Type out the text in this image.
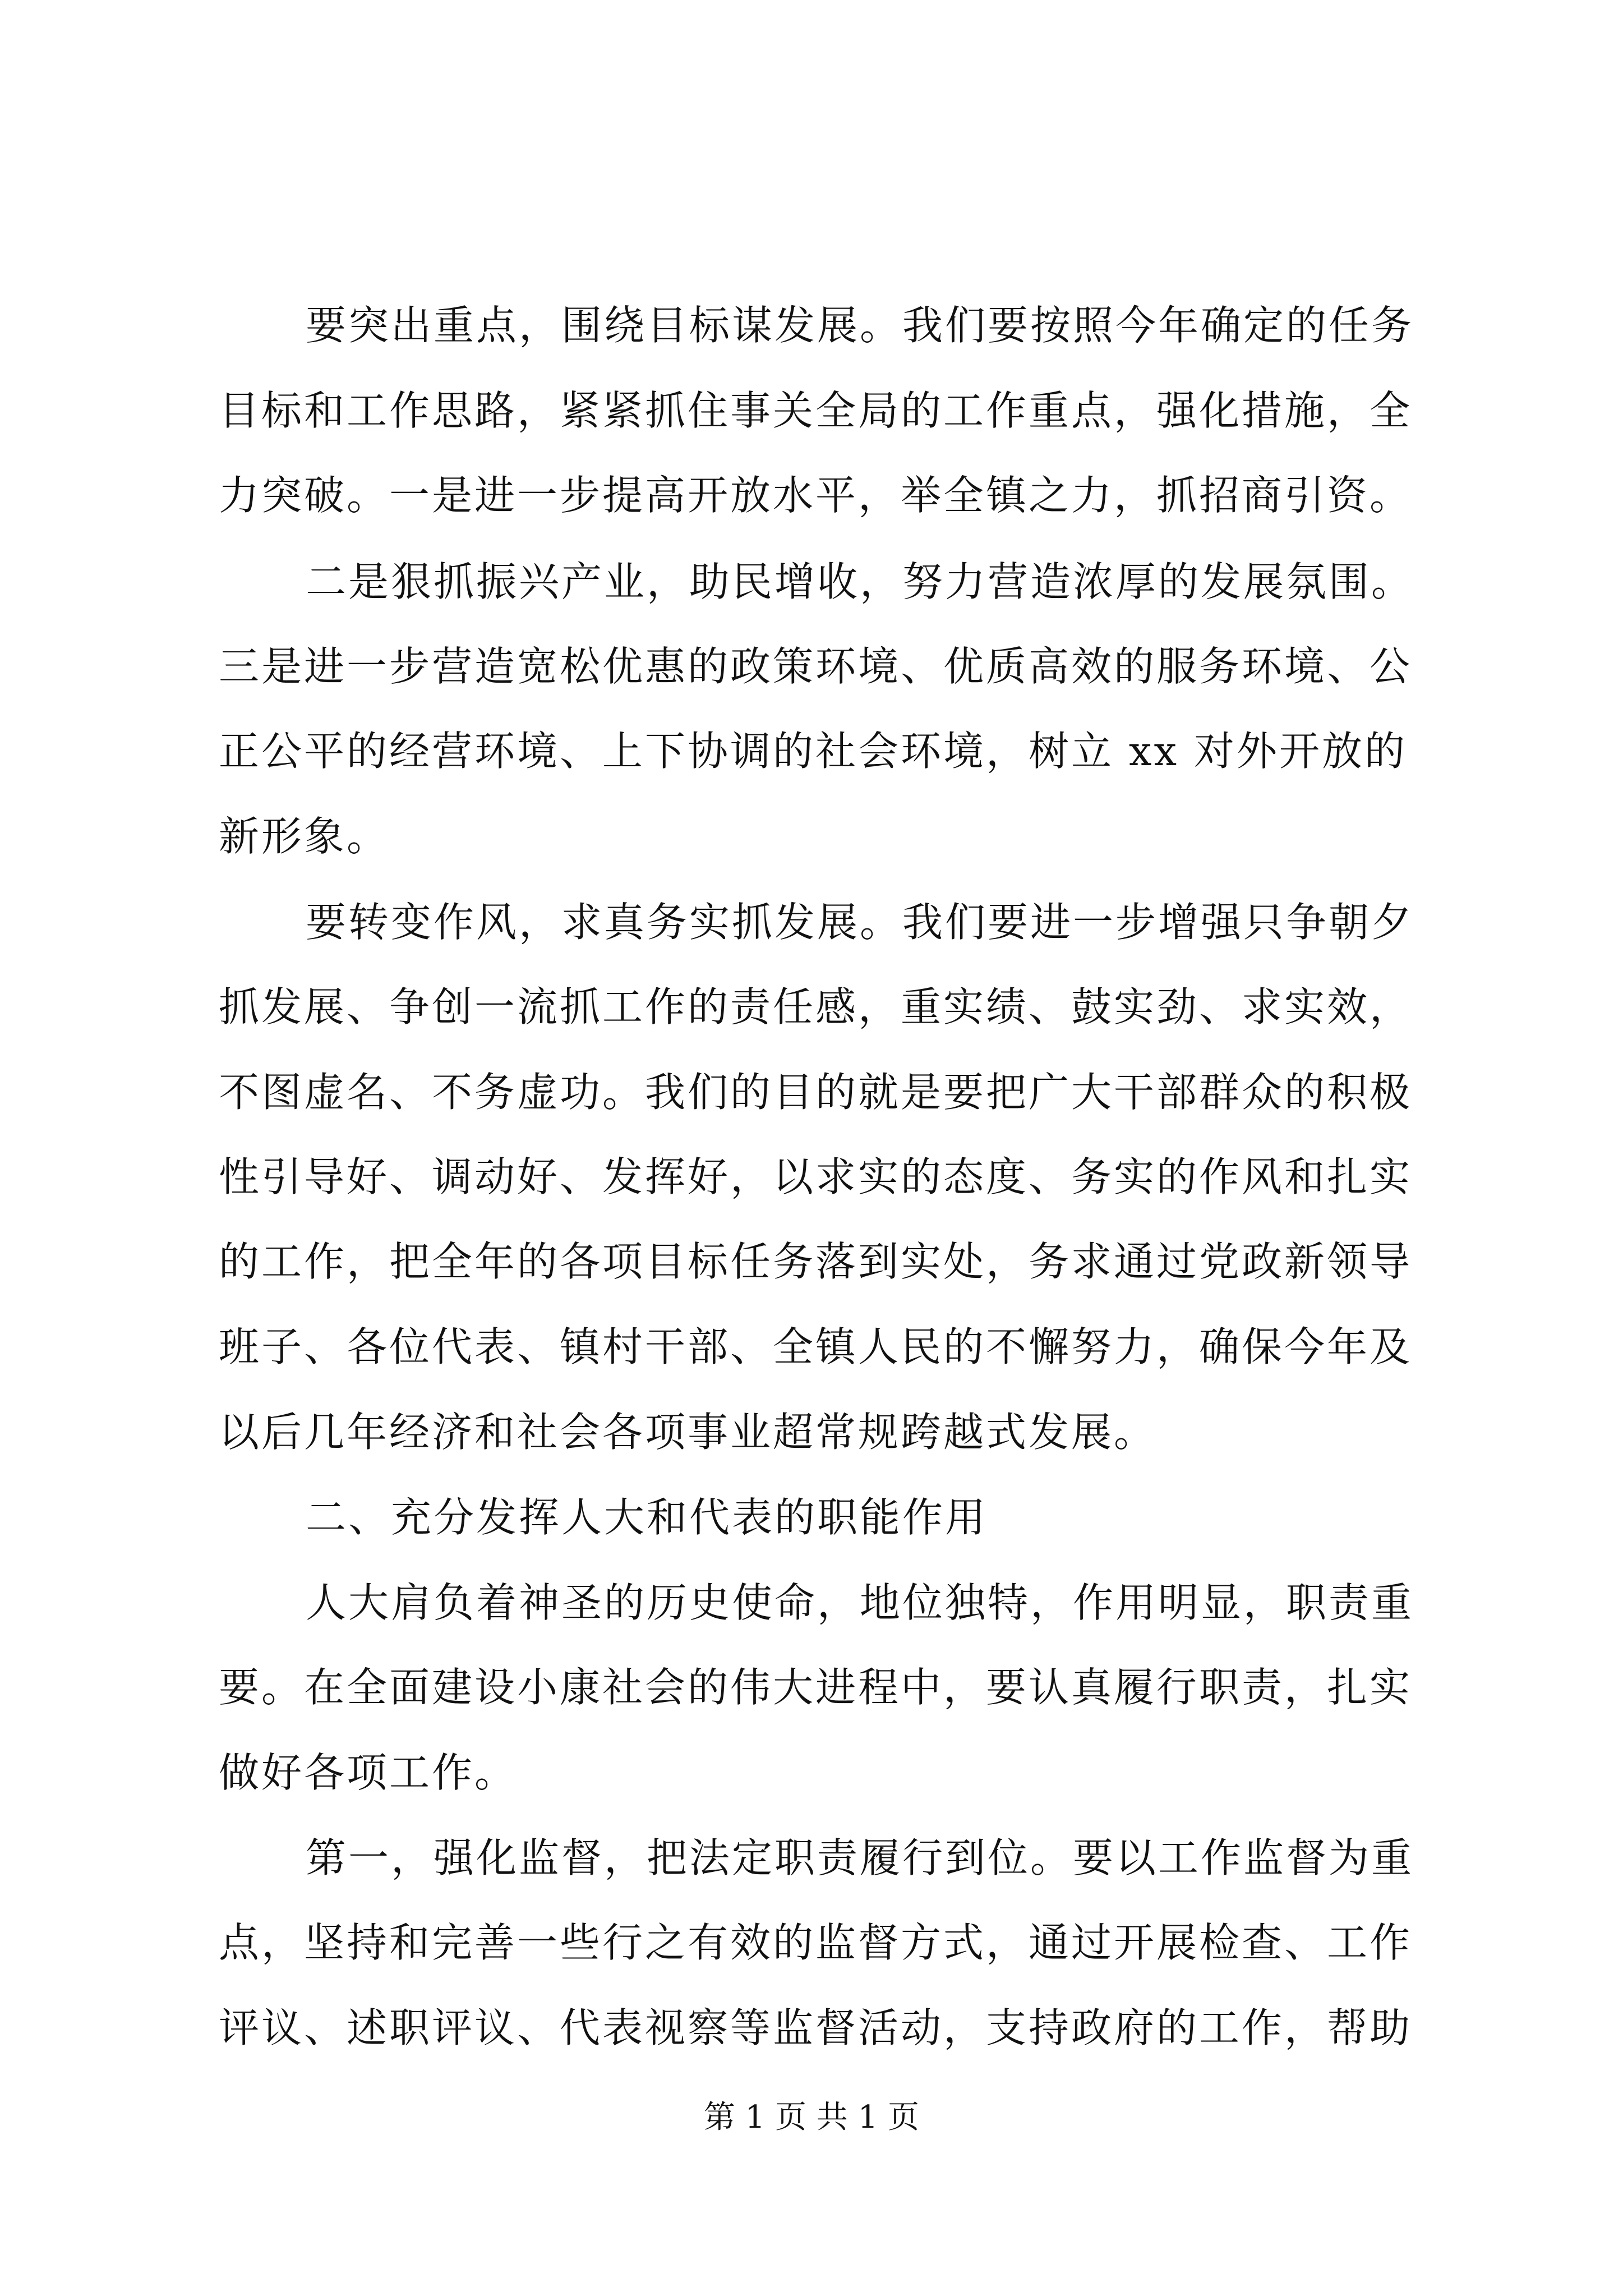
要突出重点，围绕目标谋发展。我们要按照今年确定的任务
目标和工作思路，紧紧抓住事关全局的工作重点，强化措施，全
力突破。一是进一步提高开放水平，举全镇之力，抓招商引资。
二是狠抓振兴产业，助民增收，努力营造浓厚的发展氛围。
三是进一步营造宽松优惠的政策环境、优质高效的服务环境、公
正公平的经营环境、上下协调的社会环境，树立 xx 对外开放的
新形象。
要转变作风，求真务实抓发展。我们要进一步增强只争朝夕
抓发展、争创一流抓工作的责任感，重实绩、鼓实劲、求实效，
不图虚名、不务虚功。我们的目的就是要把广大干部群众的积极
性引导好、调动好、发挥好，以求实的态度、务实的作风和扎实
的工作，把全年的各项目标任务落到实处，务求通过党政新领导
班子、各位代表、镇村干部、全镇人民的不懈努力，确保今年及
以后几年经济和社会各项事业超常规跨越式发展。
二、充分发挥人大和代表的职能作用
人大肩负着神圣的历史使命，地位独特，作用明显，职责重
要。在全面建设小康社会的伟大进程中，要认真履行职责，扎实
做好各项工作。
第一，强化监督，把法定职责履行到位。要以工作监督为重
点，坚持和完善一些行之有效的监督方式，通过开展检查、工作
评议、述职评议、代表视察等监督活动，支持政府的工作，帮助
第 1 页 共 1 页
